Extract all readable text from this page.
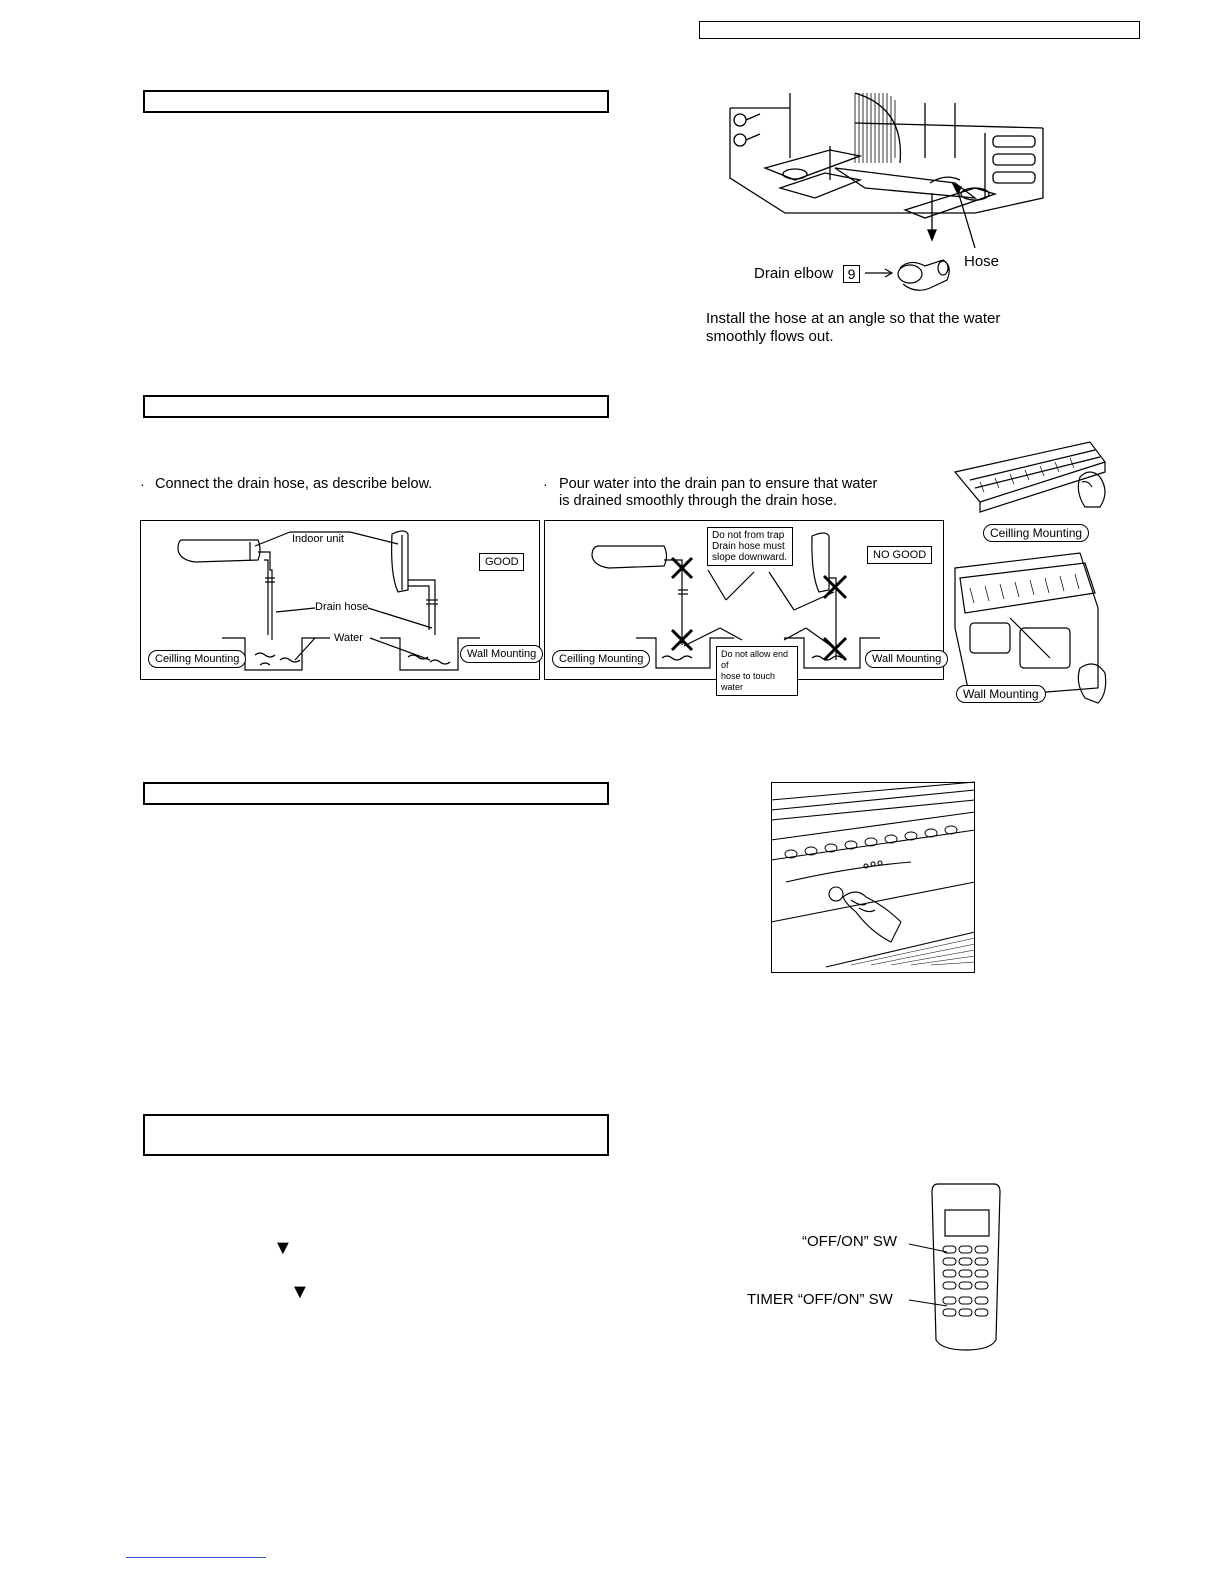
Drain elbow	9
Hose
Install the hose at an angle so that the water
smoothly flows out.
· Connect the drain hose, as describe below.	· Pour water into the drain pan to ensure that water
is drained smoothly through the drain hose.
Indoor unit
Drain hose
Water
Ceilling Mounting	Wall Mounting
GOOD
Do not from trap
Drain hose must
slope downward.
Do not allow end of
hose to touch water
Ceilling Mounting	Wall Mounting
NO GOOD
Ceilling Mounting
Wall Mounting
▼
▼
“OFF/ON” SW
TIMER “OFF/ON” SW
